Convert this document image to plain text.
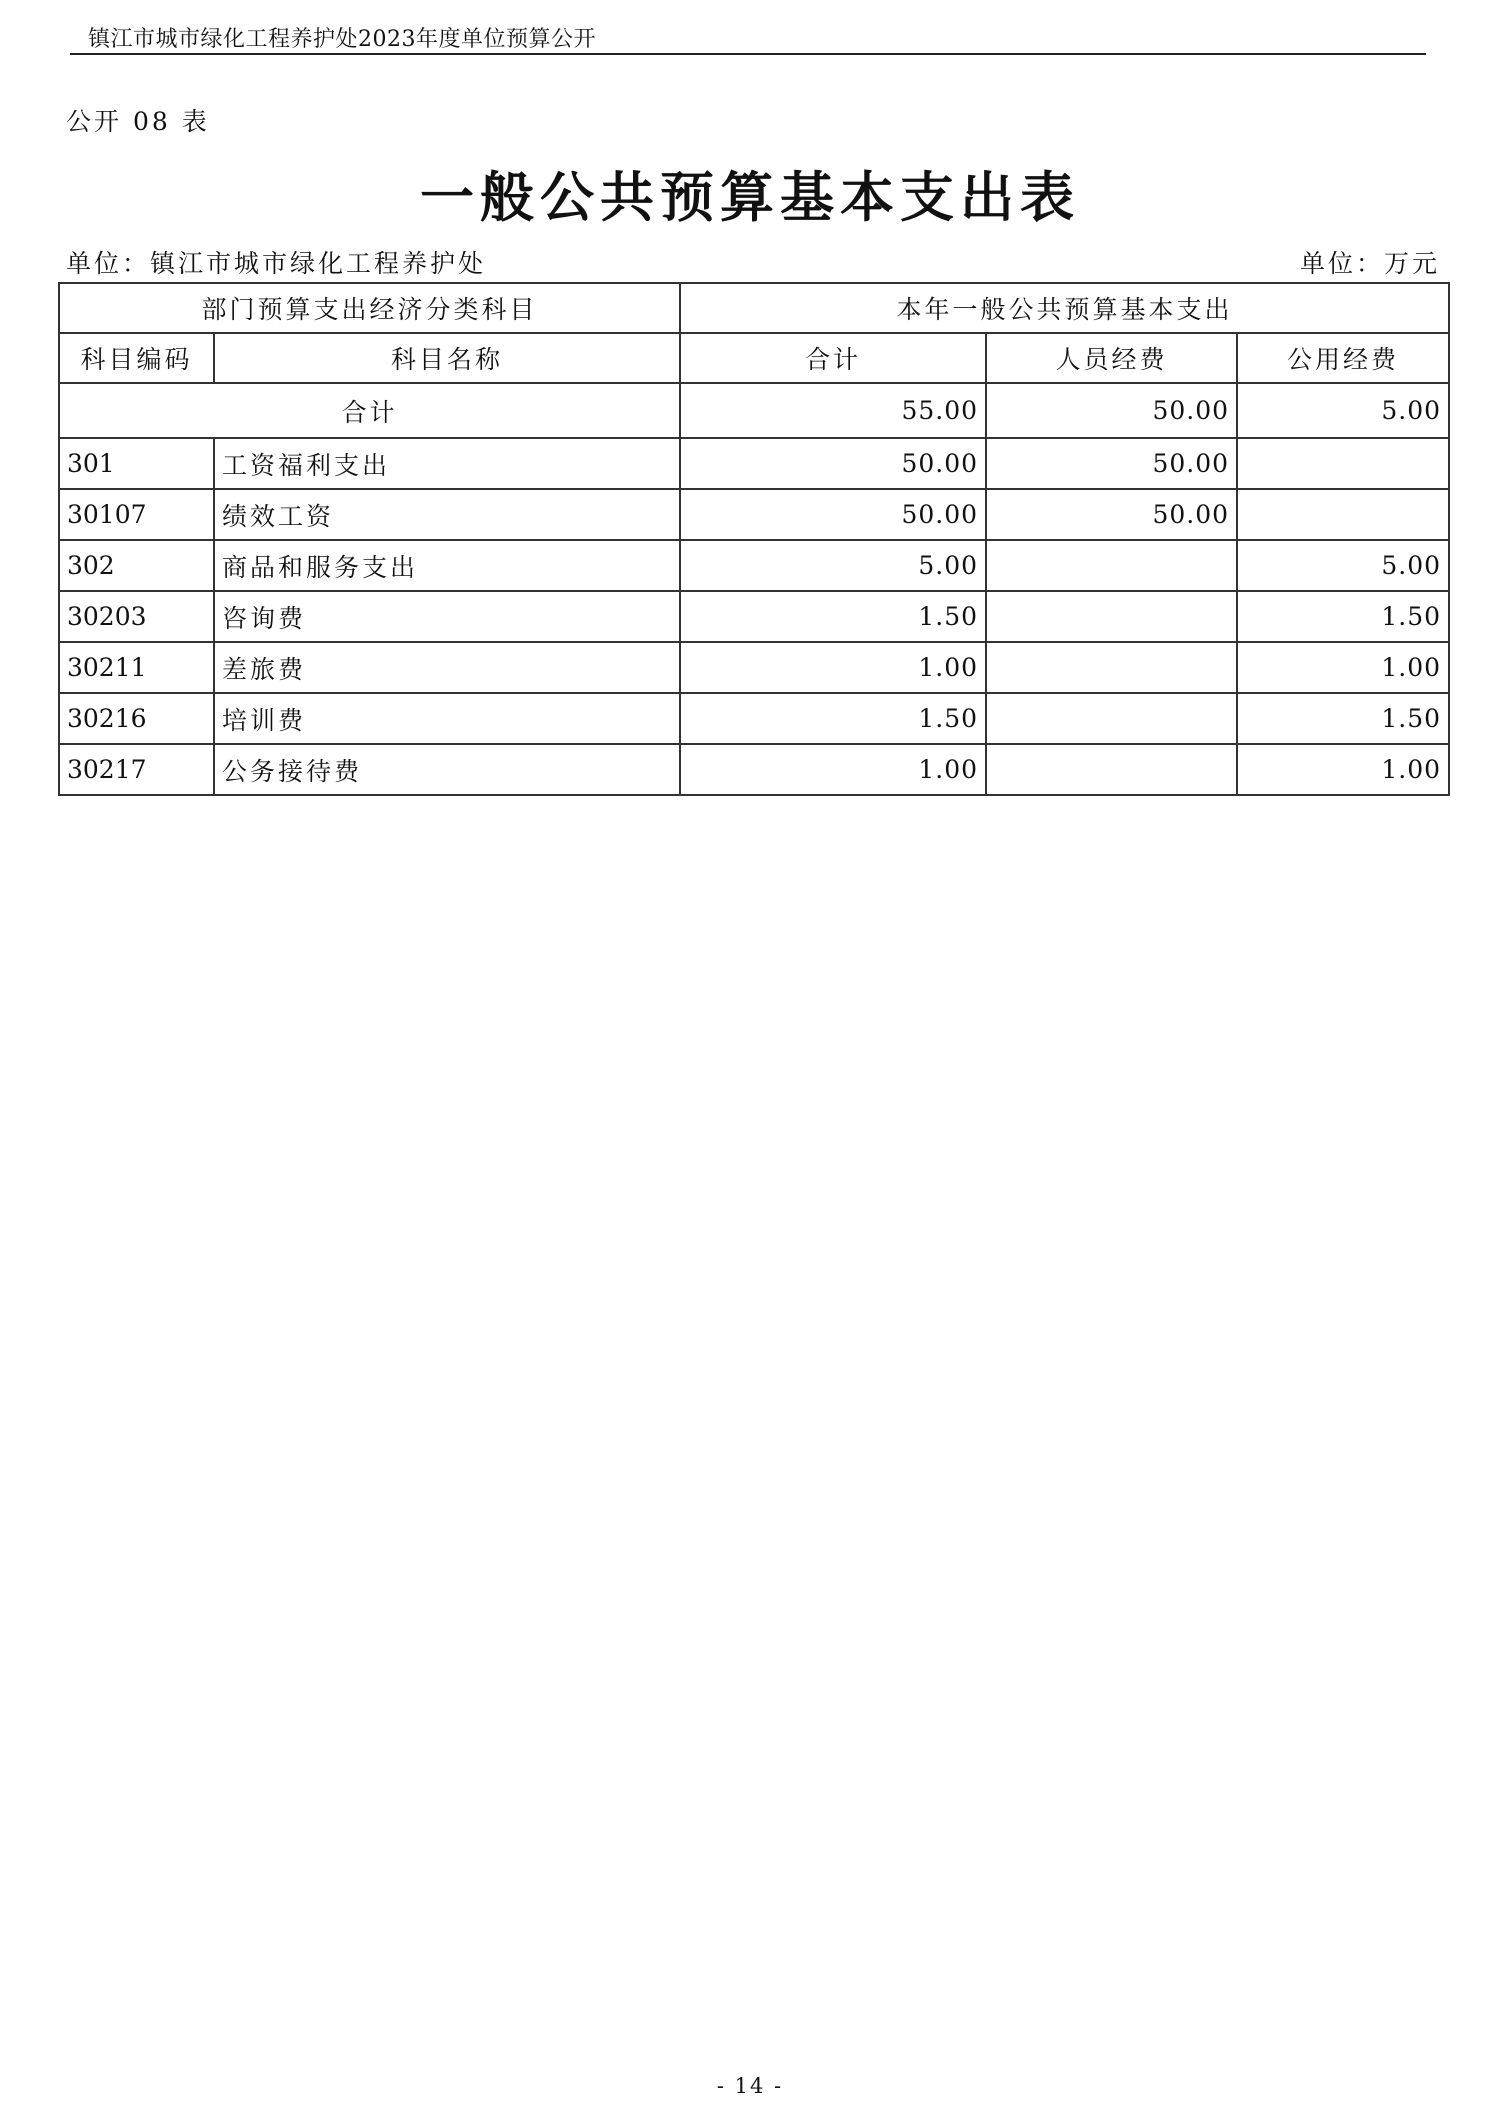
镇江市城市绿化工程养护处2023年度单位预算公开
公开 08 表
一般公共预算基本支出表
单位：镇江市城市绿化工程养护处	单位：万元
部门预算支出经济分类科目		本年一般公共预算基本支出		
科目编码	科目名称	合计	人员经费	公用经费
合计		55.00	50.00	5.00
301	工资福利支出	50.00	50.00	
30107	绩效工资	50.00	50.00	
302	商品和服务支出	5.00		5.00
30203	咨询费	1.50		1.50
30211	差旅费	1.00		1.00
30216	培训费	1.50		1.50
30217	公务接待费	1.00		1.00
- 14 -
